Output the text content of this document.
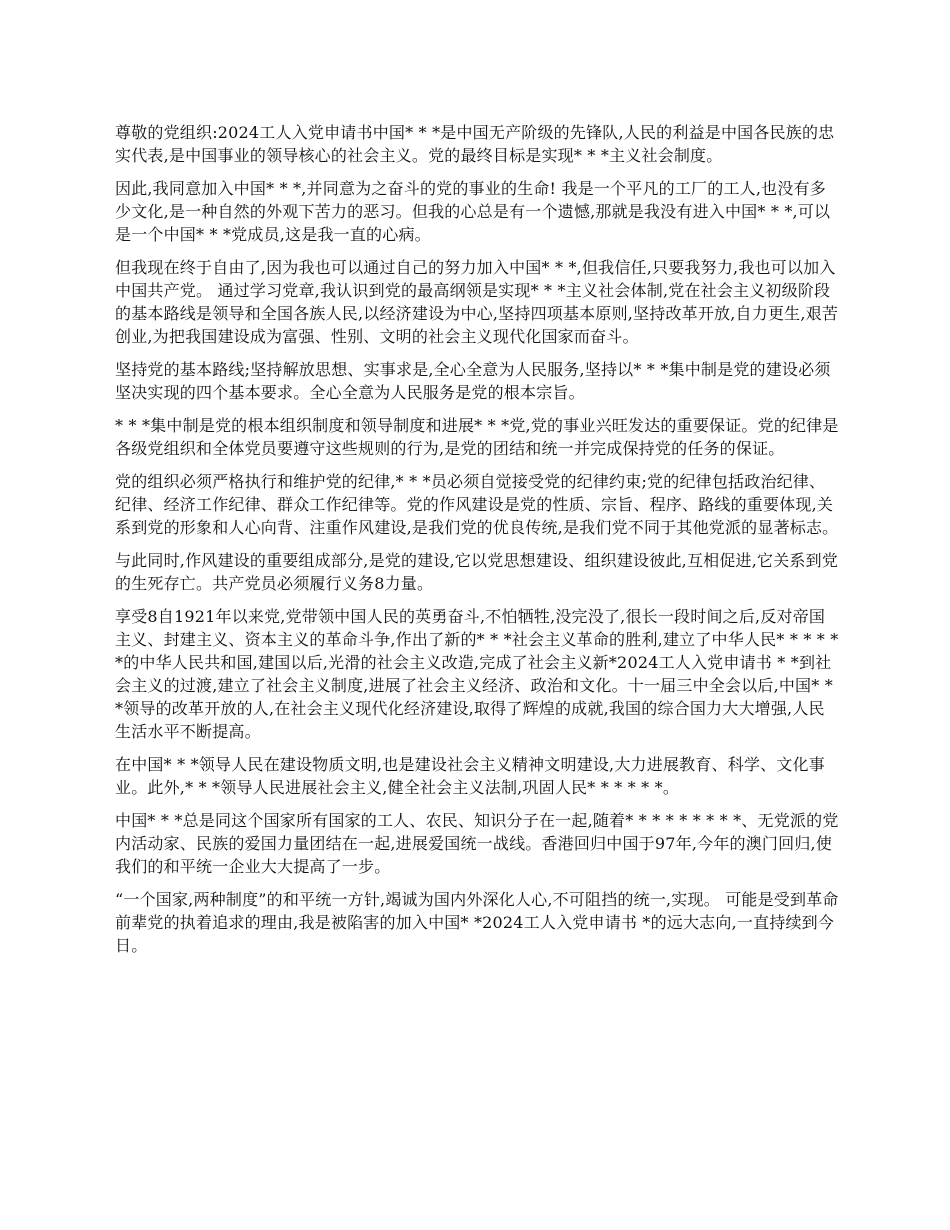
尊敬的党组织:2024工人入党申请书中国* * *是中国无产阶级的先锋队,人民的利益是中国各民族的忠实代表,是中国事业的领导核心的社会主义。党的最终目标是实现* * *主义社会制度。

因此,我同意加入中国* * *,并同意为之奋斗的党的事业的生命! 我是一个平凡的工厂的工人,也没有多少文化,是一种自然的外观下苦力的恶习。但我的心总是有一个遗憾,那就是我没有进入中国* * *,可以是一个中国* * *党成员,这是我一直的心病。

但我现在终于自由了,因为我也可以通过自己的努力加入中国* * *,但我信任,只要我努力,我也可以加入中国共产党。 通过学习党章,我认识到党的最高纲领是实现* * *主义社会体制,党在社会主义初级阶段的基本路线是领导和全国各族人民,以经济建设为中心,坚持四项基本原则,坚持改革开放,自力更生,艰苦创业,为把我国建设成为富强、性别、文明的社会主义现代化国家而奋斗。

坚持党的基本路线;坚持解放思想、实事求是,全心全意为人民服务,坚持以* * *集中制是党的建设必须坚决实现的四个基本要求。全心全意为人民服务是党的根本宗旨。

* * *集中制是党的根本组织制度和领导制度和进展* * *党,党的事业兴旺发达的重要保证。党的纪律是各级党组织和全体党员要遵守这些规则的行为,是党的团结和统一并完成保持党的任务的保证。

党的组织必须严格执行和维护党的纪律,* * *员必须自觉接受党的纪律约束;党的纪律包括政治纪律、纪律、经济工作纪律、群众工作纪律等。党的作风建设是党的性质、宗旨、程序、路线的重要体现,关系到党的形象和人心向背、注重作风建设,是我们党的优良传统,是我们党不同于其他党派的显著标志。

与此同时,作风建设的重要组成部分,是党的建设,它以党思想建设、组织建设彼此,互相促进,它关系到党的生死存亡。共产党员必须履行义务8力量。

享受8自1921年以来党,党带领中国人民的英勇奋斗,不怕牺牲,没完没了,很长一段时间之后,反对帝国主义、封建主义、资本主义的革命斗争,作出了新的* * *社会主义革命的胜利,建立了中华人民* * * * * *的中华人民共和国,建国以后,光滑的社会主义改造,完成了社会主义新*2024工人入党申请书 * *到社会主义的过渡,建立了社会主义制度,进展了社会主义经济、政治和文化。十一届三中全会以后,中国* * *领导的改革开放的人,在社会主义现代化经济建设,取得了辉煌的成就,我国的综合国力大大增强,人民生活水平不断提高。

在中国* * *领导人民在建设物质文明,也是建设社会主义精神文明建设,大力进展教育、科学、文化事业。此外,* * *领导人民进展社会主义,健全社会主义法制,巩固人民* * * * * *。

中国* * *总是同这个国家所有国家的工人、农民、知识分子在一起,随着* * * * * * * * *、无党派的党内活动家、民族的爱国力量团结在一起,进展爱国统一战线。香港回归中国于97年,今年的澳门回归,使我们的和平统一企业大大提高了一步。

“一个国家,两种制度”的和平统一方针,竭诚为国内外深化人心,不可阻挡的统一,实现。 可能是受到革命前辈党的执着追求的理由,我是被陷害的加入中国* *2024工人入党申请书 *的远大志向,一直持续到今日。
